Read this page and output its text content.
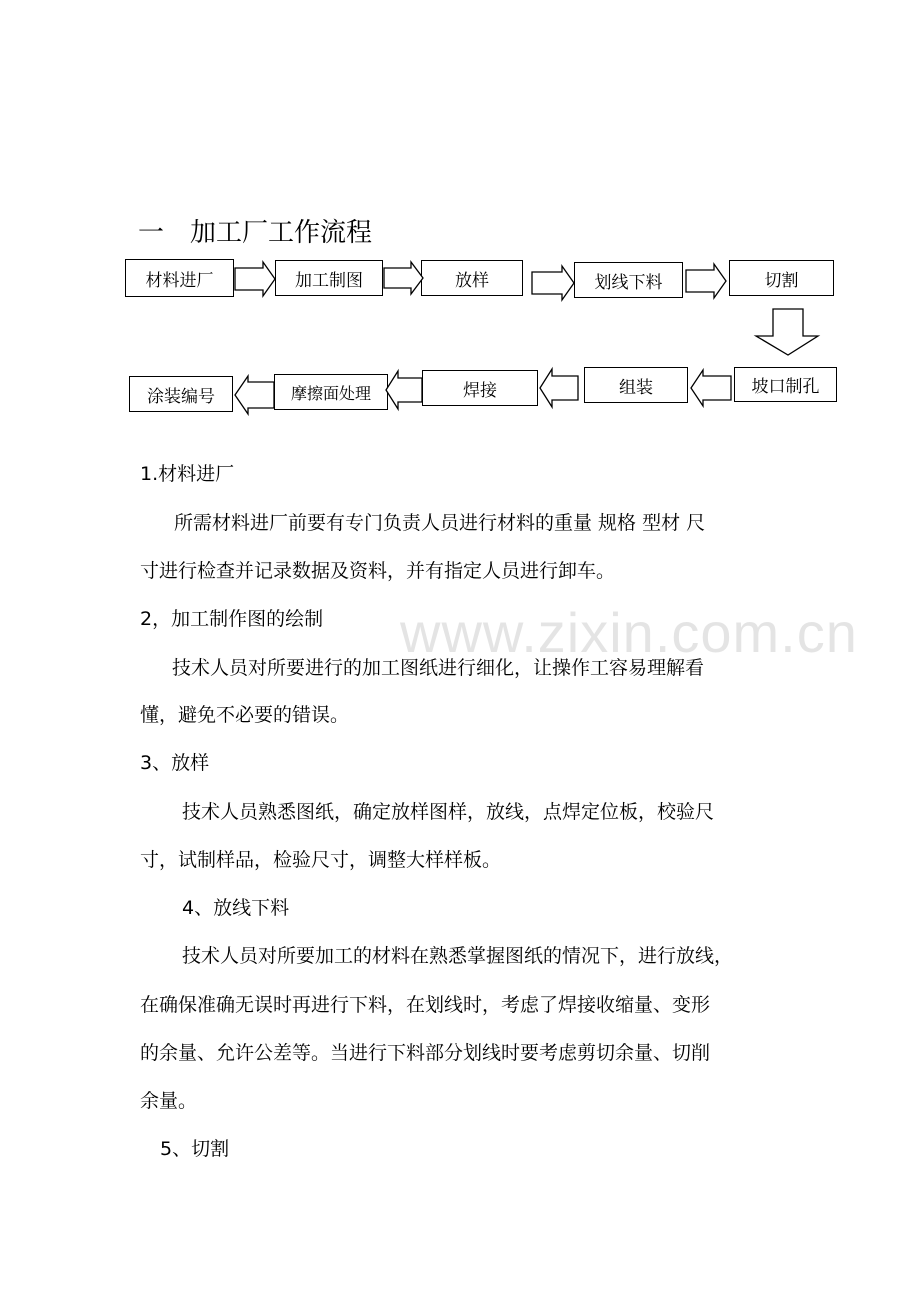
一　加工厂工作流程
材料进厂	加工制图	放样	划线下料	切割
涂装编号	摩擦面处理	焊接	组装	坡口制孔
www.zixin.com.cn
1.材料进厂
所需材料进厂前要有专门负责人员进行材料的重量 规格 型材 尺
寸进行检查并记录数据及资料，并有指定人员进行卸车。
2，加工制作图的绘制
技术人员对所要进行的加工图纸进行细化，让操作工容易理解看
懂，避免不必要的错误。
3、放样
技术人员熟悉图纸，确定放样图样，放线，点焊定位板，校验尺
寸，试制样品，检验尺寸，调整大样样板。
4、放线下料
技术人员对所要加工的材料在熟悉掌握图纸的情况下，进行放线，
在确保准确无误时再进行下料，在划线时，考虑了焊接收缩量、变形
的余量、允许公差等。当进行下料部分划线时要考虑剪切余量、切削
余量。
5、切割
